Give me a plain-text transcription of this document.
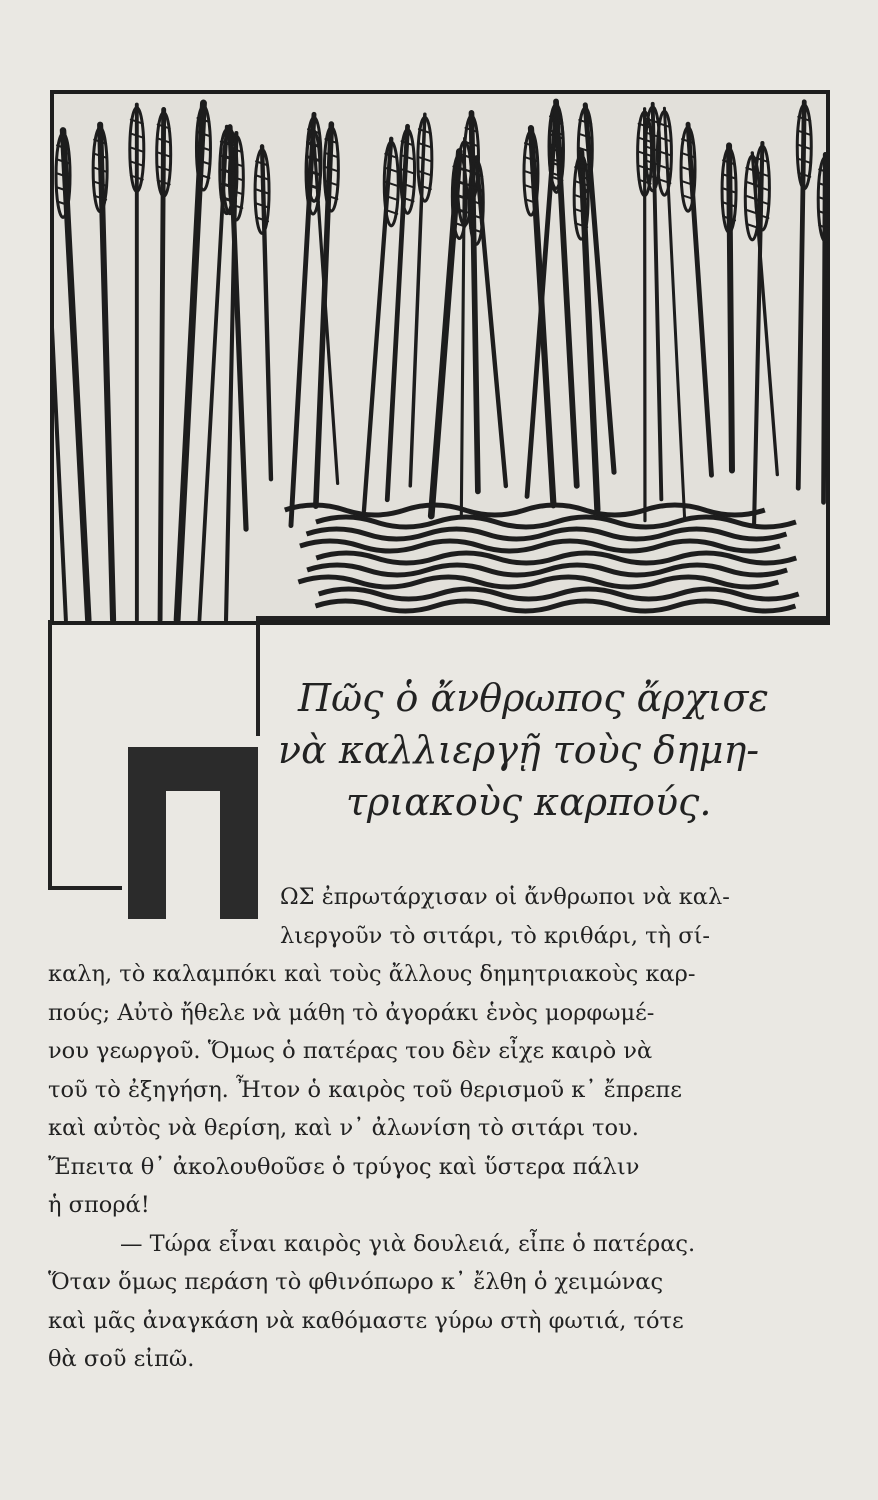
Πῶς ὁ ἄνθρωπος ἄρχισε
νὰ καλλιεργῇ τοὺς δημη-
τριακοὺς καρπούς.

ΩΣ ἐπρωτάρχισαν οἱ ἄνθρωποι νὰ καλ-
λιεργοῦν τὸ σιτάρι, τὸ κριθάρι, τὴ σί-
καλη, τὸ καλαμπόκι καὶ τοὺς ἄλλους δημητριακοὺς καρ-
πούς; Αὐτὸ ἤθελε νὰ μάθη τὸ ἀγοράκι ἑνὸς μορφωμέ-
νου γεωργοῦ. Ὅμως ὁ πατέρας του δὲν εἶχε καιρὸ νὰ
τοῦ τὸ ἐξηγήση. Ἦτον ὁ καιρὸς τοῦ θερισμοῦ κ᾽ ἔπρεπε
καὶ αὐτὸς νὰ θερίση, καὶ ν᾽ ἀλωνίση τὸ σιτάρι του.
Ἔπειτα θ᾽ ἀκολουθοῦσε ὁ τρύγος καὶ ὕστερα πάλιν
ἡ σπορά!

— Τώρα εἶναι καιρὸς γιὰ δουλειά, εἶπε ὁ πατέρας.
Ὅταν ὅμως περάση τὸ φθινόπωρο κ᾽ ἔλθη ὁ χειμώνας
καὶ μᾶς ἀναγκάση νὰ καθόμαστε γύρω στὴ φωτιά, τότε
θὰ σοῦ εἰπῶ.
